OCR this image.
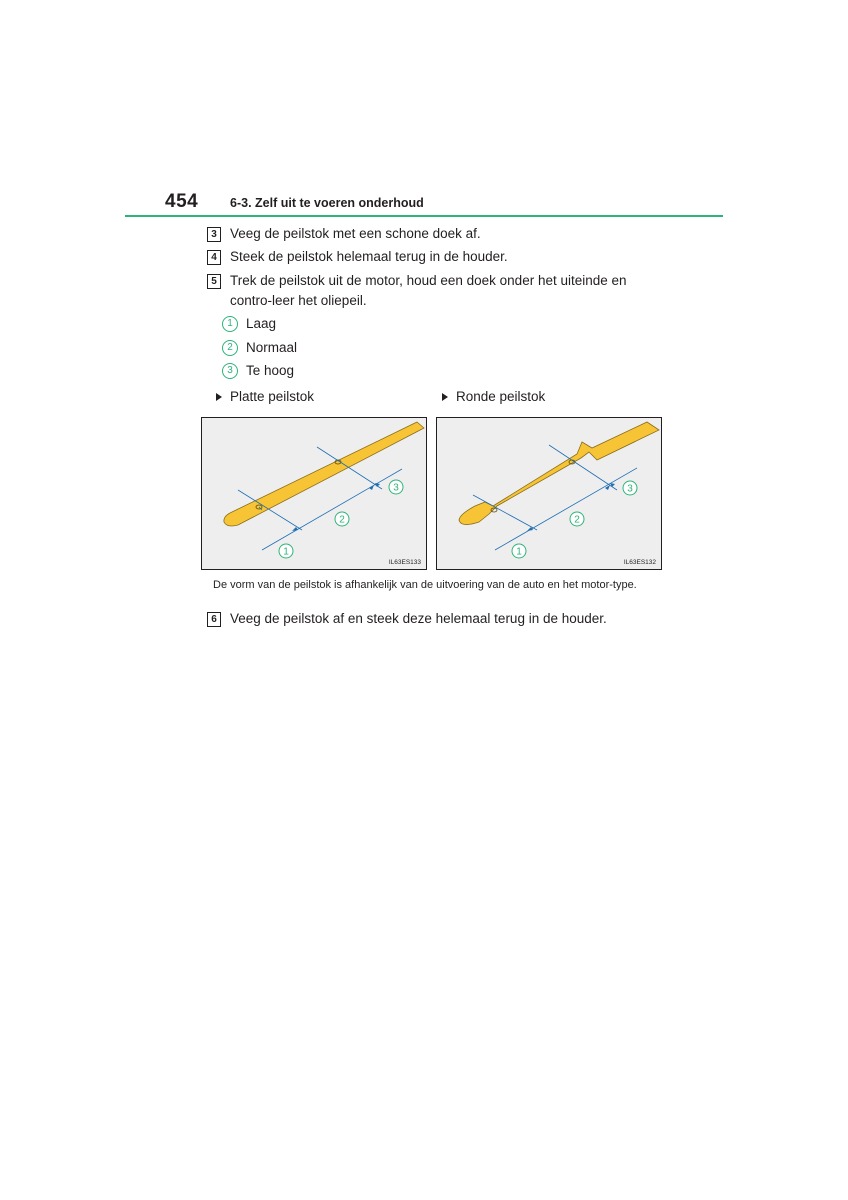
454	6-3. Zelf uit te voeren onderhoud
3 Veeg de peilstok met een schone doek af.
4 Steek de peilstok helemaal terug in de houder.
5 Trek de peilstok uit de motor, houd een doek onder het uiteinde en contro-leer het oliepeil.
1 Laag
2 Normaal
3 Te hoog
Platte peilstok	Ronde peilstok
1
2
3
IL63ES133
1
2
3
IL63ES132
De vorm van de peilstok is afhankelijk van de uitvoering van de auto en het motor-type.
6 Veeg de peilstok af en steek deze helemaal terug in de houder.
